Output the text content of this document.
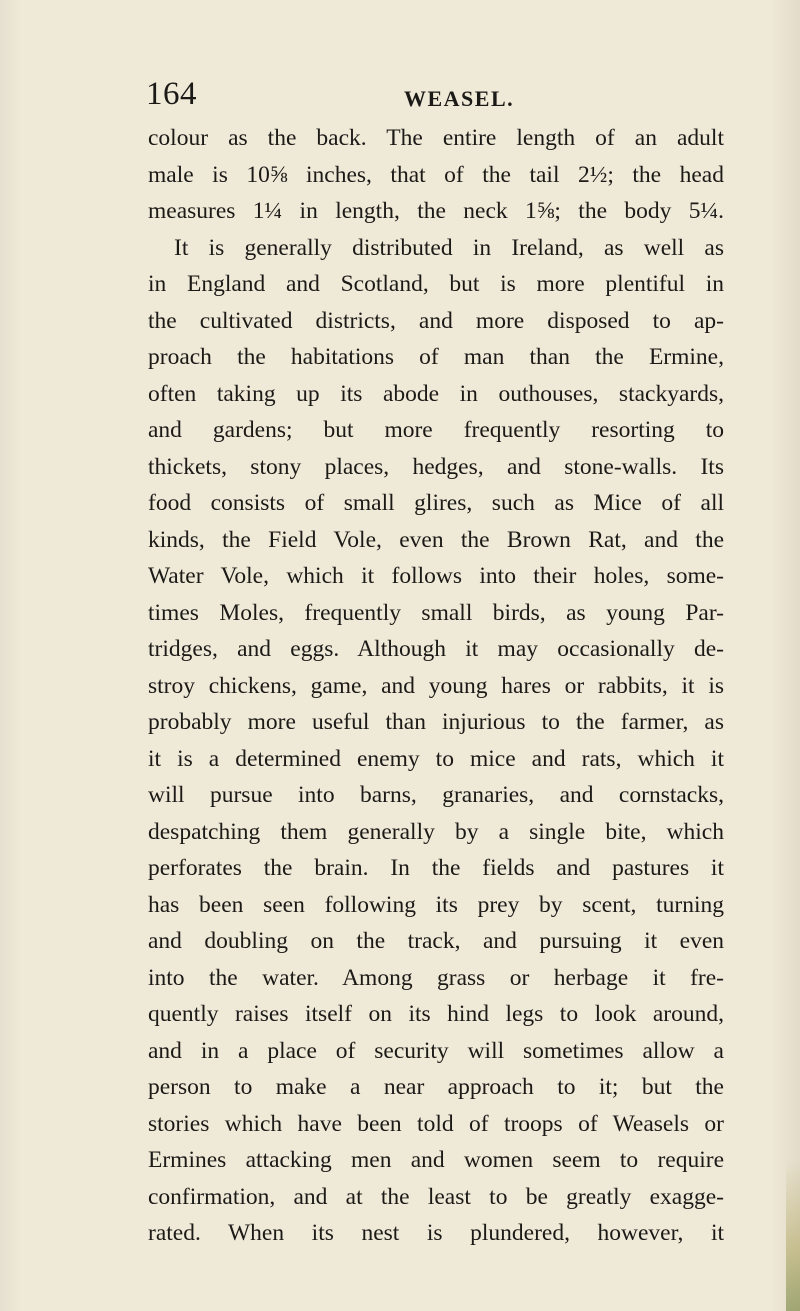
164	WEASEL.
colour as the back. The entire length of an adult
male is 10⅝ inches, that of the tail 2½; the head
measures 1¼ in length, the neck 1⅝; the body 5¼.
It is generally distributed in Ireland, as well as
in England and Scotland, but is more plentiful in
the cultivated districts, and more disposed to ap-
proach the habitations of man than the Ermine,
often taking up its abode in outhouses, stackyards,
and gardens; but more frequently resorting to
thickets, stony places, hedges, and stone-walls. Its
food consists of small glires, such as Mice of all
kinds, the Field Vole, even the Brown Rat, and the
Water Vole, which it follows into their holes, some-
times Moles, frequently small birds, as young Par-
tridges, and eggs. Although it may occasionally de-
stroy chickens, game, and young hares or rabbits, it is
probably more useful than injurious to the farmer, as
it is a determined enemy to mice and rats, which it
will pursue into barns, granaries, and cornstacks,
despatching them generally by a single bite, which
perforates the brain. In the fields and pastures it
has been seen following its prey by scent, turning
and doubling on the track, and pursuing it even
into the water. Among grass or herbage it fre-
quently raises itself on its hind legs to look around,
and in a place of security will sometimes allow a
person to make a near approach to it; but the
stories which have been told of troops of Weasels or
Ermines attacking men and women seem to require
confirmation, and at the least to be greatly exagge-
rated. When its nest is plundered, however, it
